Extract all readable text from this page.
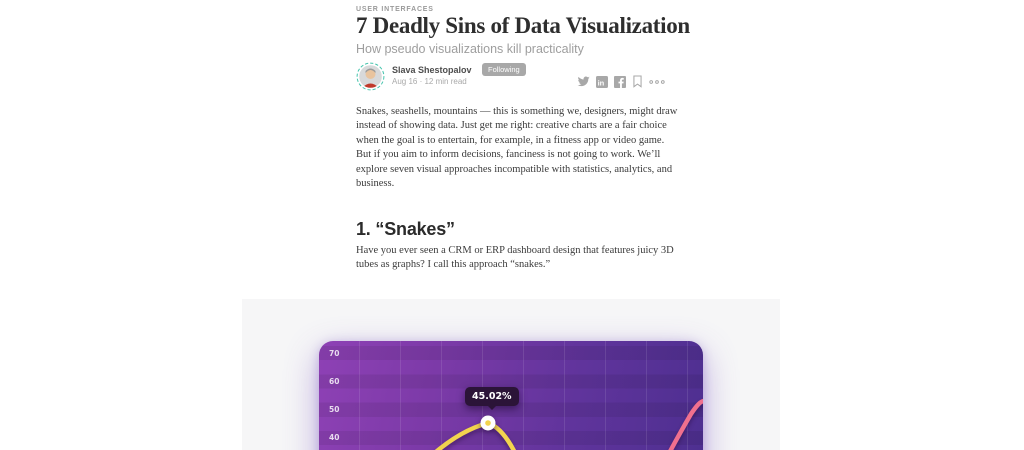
USER INTERFACES
7 Deadly Sins of Data Visualization
How pseudo visualizations kill practicality
Slava Shestopalov	Following
Aug 16 · 12 min read	in

Snakes, seashells, mountains — this is something we, designers, might draw instead of showing data. Just get me right: creative charts are a fair choice when the goal is to entertain, for example, in a fitness app or video game. But if you aim to inform decisions, fanciness is not going to work. We’ll explore seven visual approaches incompatible with statistics, analytics, and business.

1. “Snakes”

Have you ever seen a CRM or ERP dashboard design that features juicy 3D tubes as graphs? I call this approach “snakes.”

70
60
50
40
45.02%
